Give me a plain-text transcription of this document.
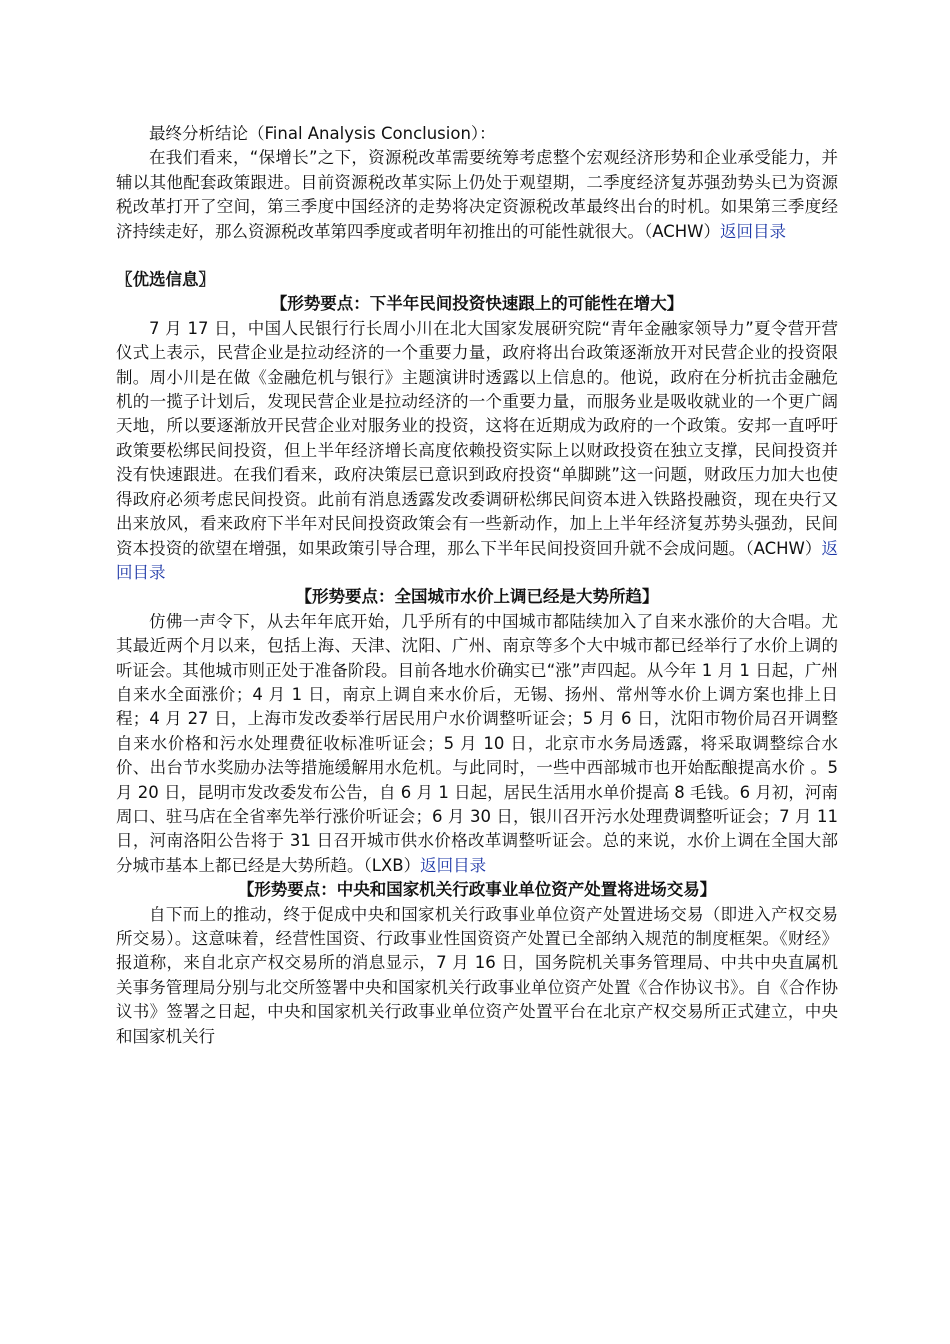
最终分析结论（Final Analysis Conclusion）：

在我们看来，“保增长”之下，资源税改革需要统筹考虑整个宏观经济形势和企业承受能力，并辅以其他配套政策跟进。目前资源税改革实际上仍处于观望期，二季度经济复苏强劲势头已为资源税改革打开了空间，第三季度中国经济的走势将决定资源税改革最终出台的时机。如果第三季度经济持续走好，那么资源税改革第四季度或者明年初推出的可能性就很大。（ACHW）返回目录

〖优选信息〗

【形势要点：下半年民间投资快速跟上的可能性在增大】

7 月 17 日，中国人民银行行长周小川在北大国家发展研究院“青年金融家领导力”夏令营开营仪式上表示，民营企业是拉动经济的一个重要力量，政府将出台政策逐渐放开对民营企业的投资限制。周小川是在做《金融危机与银行》主题演讲时透露以上信息的。他说，政府在分析抗击金融危机的一揽子计划后，发现民营企业是拉动经济的一个重要力量，而服务业是吸收就业的一个更广阔天地，所以要逐渐放开民营企业对服务业的投资，这将在近期成为政府的一个政策。安邦一直呼吁政策要松绑民间投资，但上半年经济增长高度依赖投资实际上以财政投资在独立支撑，民间投资并没有快速跟进。在我们看来，政府决策层已意识到政府投资“单脚跳”这一问题，财政压力加大也使得政府必须考虑民间投资。此前有消息透露发改委调研松绑民间资本进入铁路投融资，现在央行又出来放风，看来政府下半年对民间投资政策会有一些新动作，加上上半年经济复苏势头强劲，民间资本投资的欲望在增强，如果政策引导合理，那么下半年民间投资回升就不会成问题。（ACHW）返回目录

【形势要点：全国城市水价上调已经是大势所趋】

仿佛一声令下，从去年年底开始，几乎所有的中国城市都陆续加入了自来水涨价的大合唱。尤其最近两个月以来，包括上海、天津、沈阳、广州、南京等多个大中城市都已经举行了水价上调的听证会。其他城市则正处于准备阶段。目前各地水价确实已“涨”声四起。从今年 1 月 1 日起，广州自来水全面涨价；4 月 1 日，南京上调自来水价后，无锡、扬州、常州等水价上调方案也排上日程；4 月 27 日，上海市发改委举行居民用户水价调整听证会；5 月 6 日，沈阳市物价局召开调整自来水价格和污水处理费征收标准听证会；5 月 10 日，北京市水务局透露，将采取调整综合水价、出台节水奖励办法等措施缓解用水危机。与此同时，一些中西部城市也开始酝酿提高水价 。5 月 20 日，昆明市发改委发布公告，自 6 月 1 日起，居民生活用水单价提高 8 毛钱。6 月初，河南周口、驻马店在全省率先举行涨价听证会；6 月 30 日，银川召开污水处理费调整听证会；7 月 11 日，河南洛阳公告将于 31 日召开城市供水价格改革调整听证会。总的来说，水价上调在全国大部分城市基本上都已经是大势所趋。（LXB）返回目录

【形势要点：中央和国家机关行政事业单位资产处置将进场交易】

自下而上的推动，终于促成中央和国家机关行政事业单位资产处置进场交易（即进入产权交易所交易）。这意味着，经营性国资、行政事业性国资资产处置已全部纳入规范的制度框架。《财经》报道称，来自北京产权交易所的消息显示，7 月 16 日，国务院机关事务管理局、中共中央直属机关事务管理局分别与北交所签署中央和国家机关行政事业单位资产处置《合作协议书》。自《合作协议书》签署之日起，中央和国家机关行政事业单位资产处置平台在北京产权交易所正式建立，中央和国家机关行
